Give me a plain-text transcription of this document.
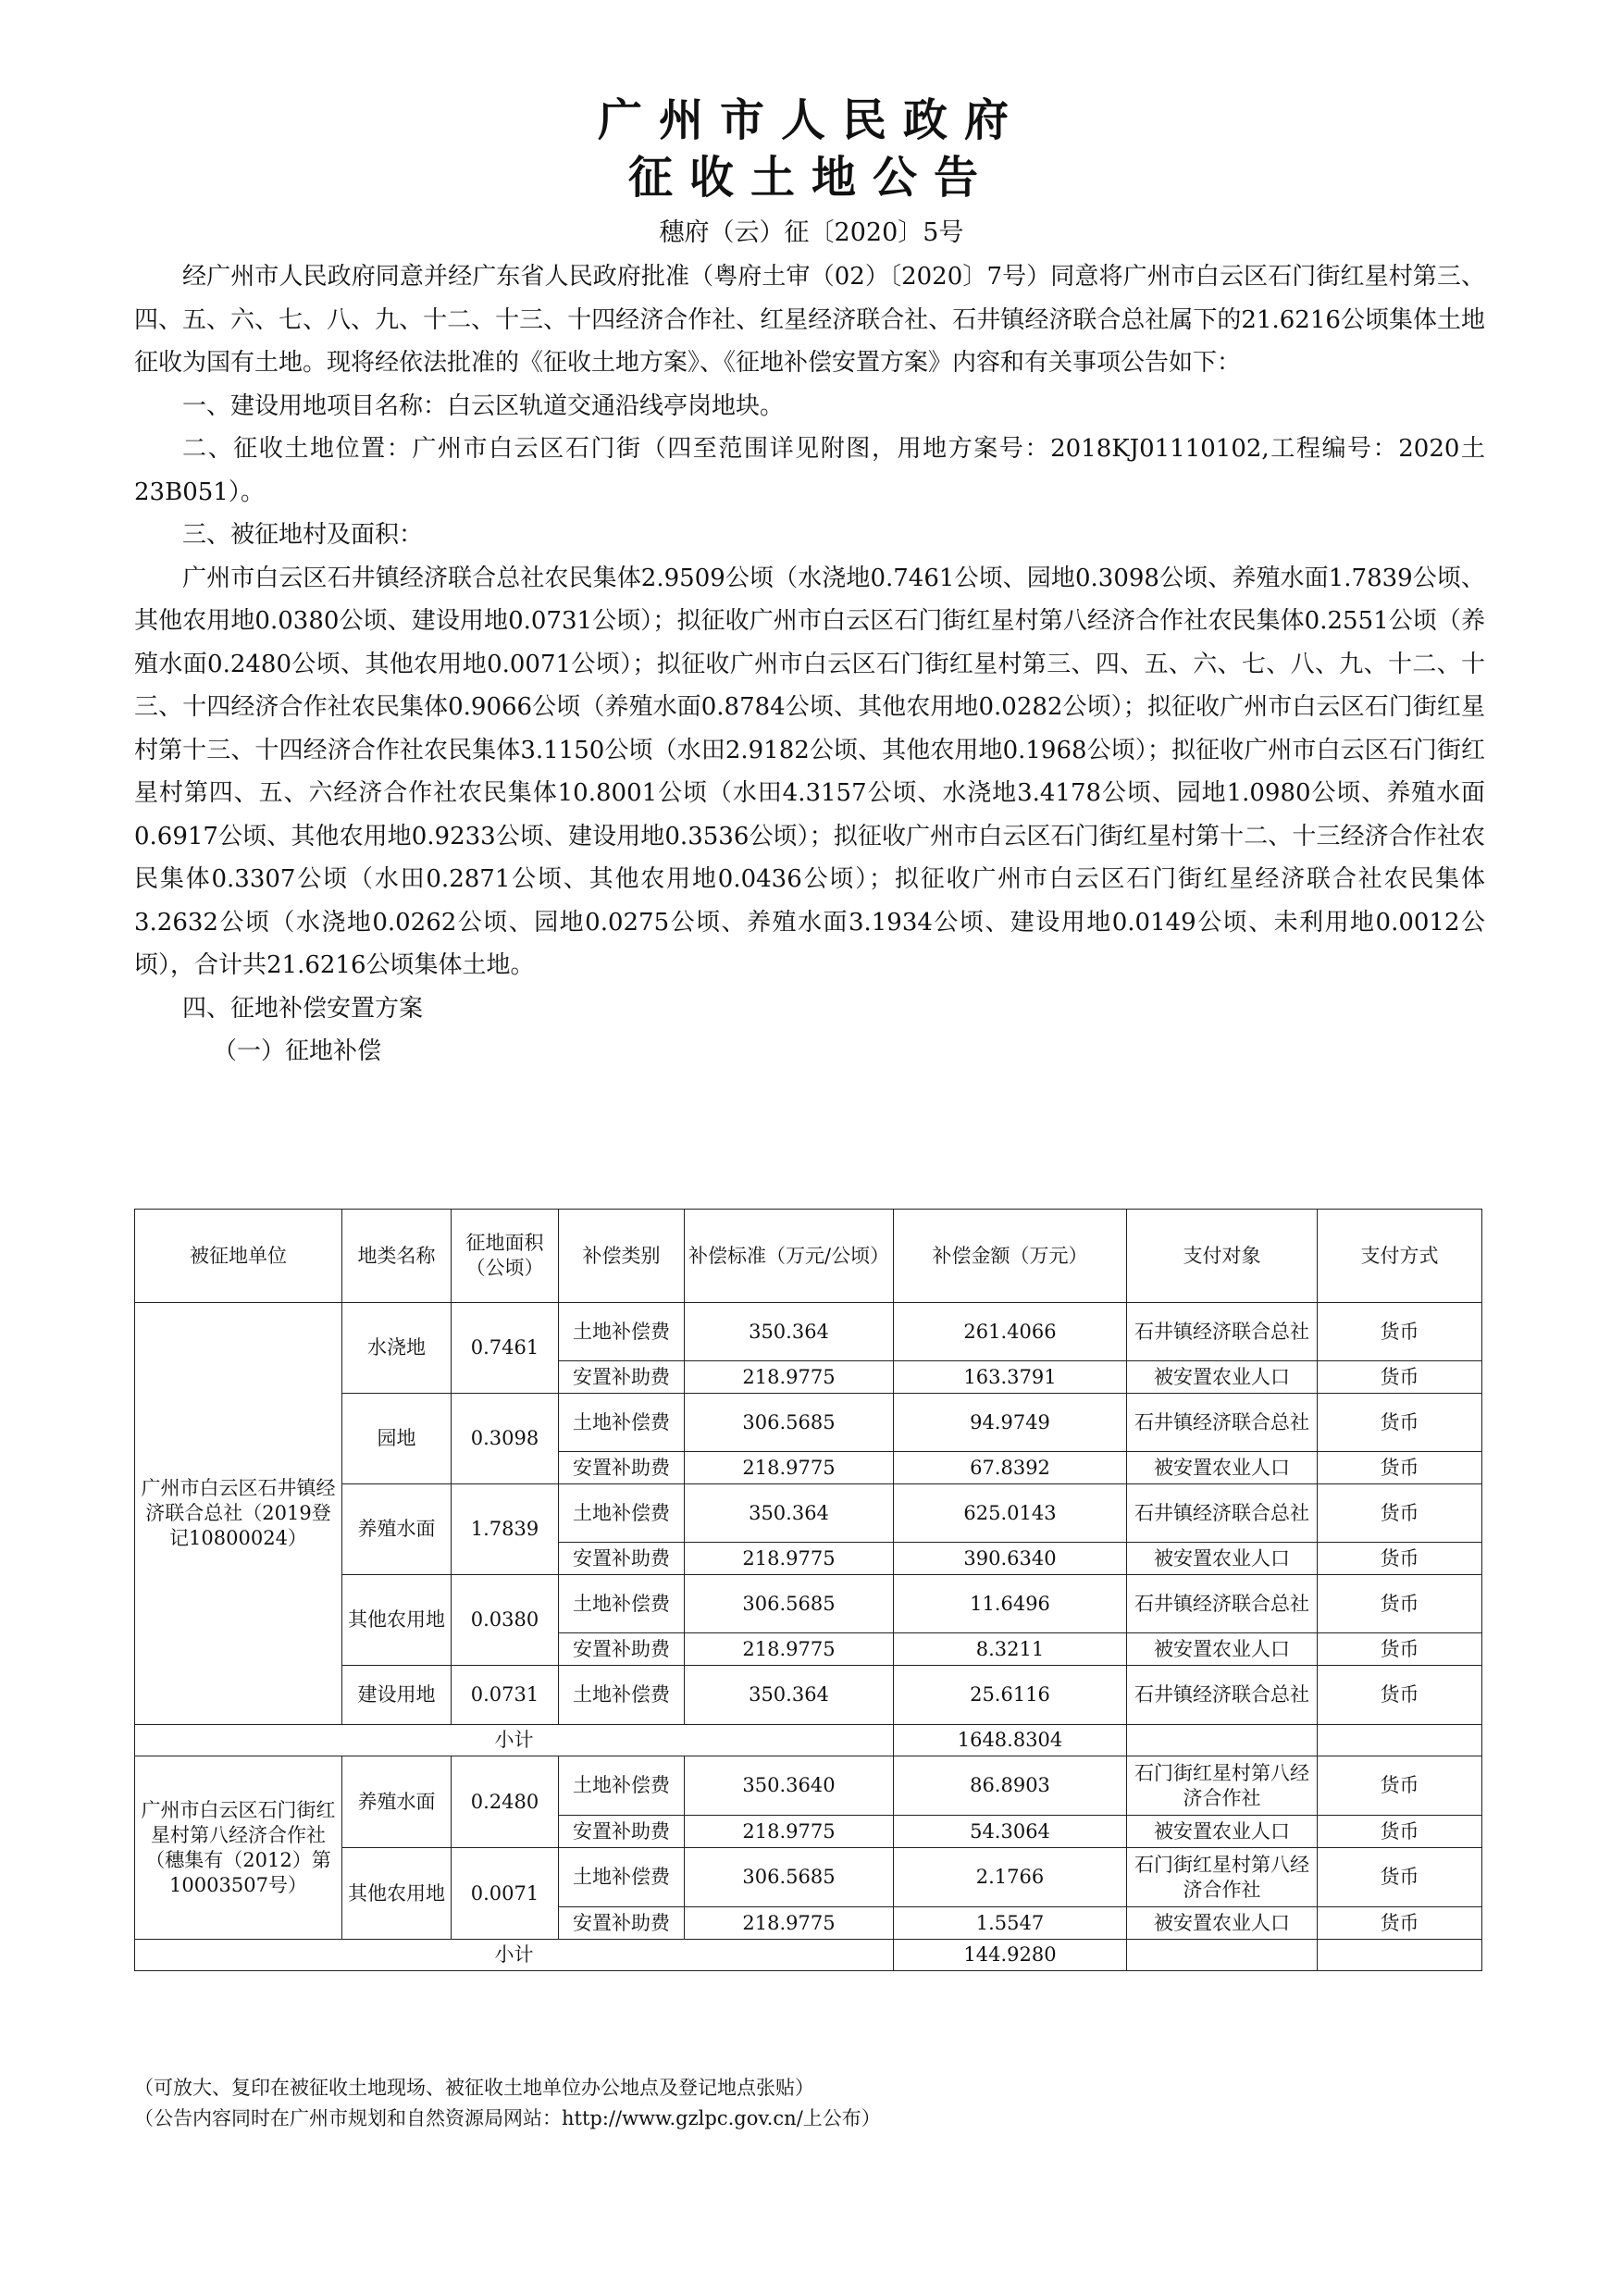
广州市人民政府
征收土地公告
穗府（云）征〔2020〕5号

经广州市人民政府同意并经广东省人民政府批准（粤府土审（02）〔2020〕7号）同意将广州市白云区石门街红星村第三、四、五、六、七、八、九、十二、十三、十四经济合作社、红星经济联合社、石井镇经济联合总社属下的21.6216公顷集体土地征收为国有土地。现将经依法批准的《征收土地方案》、《征地补偿安置方案》内容和有关事项公告如下：

一、建设用地项目名称：白云区轨道交通沿线亭岗地块。

二、征收土地位置：广州市白云区石门街（四至范围详见附图，用地方案号：2018KJ01110102,工程编号：2020土23B051）。

三、被征地村及面积：

广州市白云区石井镇经济联合总社农民集体2.9509公顷（水浇地0.7461公顷、园地0.3098公顷、养殖水面1.7839公顷、其他农用地0.0380公顷、建设用地0.0731公顷）；拟征收广州市白云区石门街红星村第八经济合作社农民集体0.2551公顷（养殖水面0.2480公顷、其他农用地0.0071公顷）；拟征收广州市白云区石门街红星村第三、四、五、六、七、八、九、十二、十三、十四经济合作社农民集体0.9066公顷（养殖水面0.8784公顷、其他农用地0.0282公顷）；拟征收广州市白云区石门街红星村第十三、十四经济合作社农民集体3.1150公顷（水田2.9182公顷、其他农用地0.1968公顷）；拟征收广州市白云区石门街红星村第四、五、六经济合作社农民集体10.8001公顷（水田4.3157公顷、水浇地3.4178公顷、园地1.0980公顷、养殖水面0.6917公顷、其他农用地0.9233公顷、建设用地0.3536公顷）；拟征收广州市白云区石门街红星村第十二、十三经济合作社农民集体0.3307公顷（水田0.2871公顷、其他农用地0.0436公顷）；拟征收广州市白云区石门街红星经济联合社农民集体3.2632公顷（水浇地0.0262公顷、园地0.0275公顷、养殖水面3.1934公顷、建设用地0.0149公顷、未利用地0.0012公顷），合计共21.6216公顷集体土地。

四、征地补偿安置方案

（一）征地补偿

被征地单位	地类名称	征地面积（公顷）	补偿类别	补偿标准（万元/公顷）	补偿金额（万元）	支付对象	支付方式
广州市白云区石井镇经济联合总社（2019登记10800024）	水浇地	0.7461	土地补偿费	350.364	261.4066	石井镇经济联合总社	货币
			安置补助费	218.9775	163.3791	被安置农业人口	货币
	园地	0.3098	土地补偿费	306.5685	94.9749	石井镇经济联合总社	货币
			安置补助费	218.9775	67.8392	被安置农业人口	货币
	养殖水面	1.7839	土地补偿费	350.364	625.0143	石井镇经济联合总社	货币
			安置补助费	218.9775	390.6340	被安置农业人口	货币
	其他农用地	0.0380	土地补偿费	306.5685	11.6496	石井镇经济联合总社	货币
			安置补助费	218.9775	8.3211	被安置农业人口	货币
	建设用地	0.0731	土地补偿费	350.364	25.6116	石井镇经济联合总社	货币
小计					1648.8304		
广州市白云区石门街红星村第八经济合作社（穗集有（2012）第10003507号）	养殖水面	0.2480	土地补偿费	350.3640	86.8903	石门街红星村第八经济合作社	货币
			安置补助费	218.9775	54.3064	被安置农业人口	货币
	其他农用地	0.0071	土地补偿费	306.5685	2.1766	石门街红星村第八经济合作社	货币
			安置补助费	218.9775	1.5547	被安置农业人口	货币
小计					144.9280		
（可放大、复印在被征收土地现场、被征收土地单位办公地点及登记地点张贴）
（公告内容同时在广州市规划和自然资源局网站：http://www.gzlpc.gov.cn/上公布）
